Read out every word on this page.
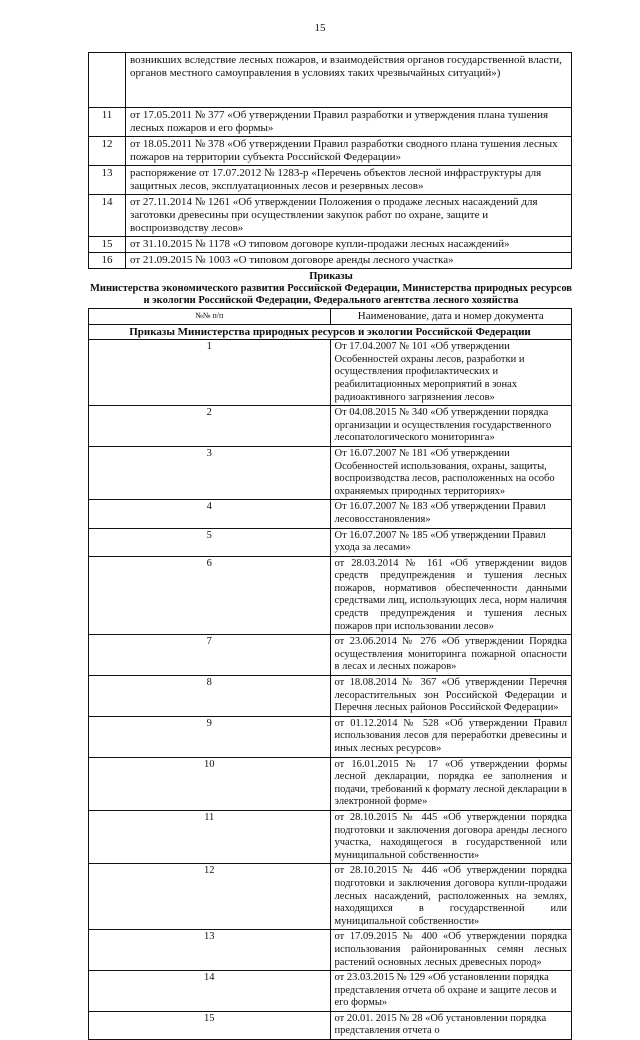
15
	возникших вследствие лесных пожаров, и взаимодействия органов государственной власти, органов местного самоуправления в условиях таких чрезвычайных ситуаций»)
11	от 17.05.2011 № 377 «Об утверждении Правил разработки и утверждения плана тушения лесных пожаров и его формы»
12	от 18.05.2011 № 378 «Об утверждении Правил разработки сводного плана тушения лесных пожаров на территории субъекта Российской Федерации»
13	распоряжение от 17.07.2012 № 1283-р «Перечень объектов лесной инфраструктуры для защитных лесов, эксплуатационных лесов и резервных лесов»
14	от 27.11.2014 № 1261 «Об утверждении Положения о продаже лесных насаждений для заготовки древесины при осуществлении закупок работ по охране, защите и воспроизводству лесов»
15	от 31.10.2015 № 1178 «О типовом договоре купли-продажи лесных насаждений»
16	от 21.09.2015 № 1003 «О типовом договоре аренды лесного участка»
Приказы
Министерства экономического развития Российской Федерации, Министерства природных ресурсов и экологии Российской Федерации, Федерального агентства лесного хозяйства
№№ п/п	Наименование, дата и номер документа
Приказы Министерства природных ресурсов и экологии Российской Федерации	
1	От 17.04.2007 № 101 «Об утверждении Особенностей охраны лесов, разработки и осуществления профилактических и реабилитационных мероприятий в зонах радиоактивного загрязнения лесов»
2	От 04.08.2015 № 340 «Об утверждении порядка организации и осуществления государственного лесопатологического мониторинга»
3	От 16.07.2007 № 181 «Об утверждении Особенностей использования, охраны, защиты, воспроизводства лесов, расположенных на особо охраняемых природных территориях»
4	От 16.07.2007 № 183 «Об утверждении Правил лесовосстановления»
5	От 16.07.2007 № 185 «Об утверждении Правил ухода за лесами»
6	от 28.03.2014 № 161 «Об утверждении видов средств предупреждения и тушения лесных пожаров, нормативов обеспеченности данными средствами лиц, использующих леса, норм наличия средств предупреждения и тушения лесных пожаров при использовании лесов»
7	от 23.06.2014 № 276 «Об утверждении Порядка осуществления мониторинга пожарной опасности в лесах и лесных пожаров»
8	от 18.08.2014 № 367 «Об утверждении Перечня лесорастительных зон Российской Федерации и Перечня лесных районов Российской Федерации»
9	от 01.12.2014 № 528 «Об утверждении Правил использования лесов для переработки древесины и иных лесных ресурсов»
10	от 16.01.2015 № 17 «Об утверждении формы лесной декларации, порядка ее заполнения и подачи, требований к формату лесной декларации в электронной форме»
11	от 28.10.2015 № 445 «Об утверждении порядка подготовки и заключения договора аренды лесного участка, находящегося в государственной или муниципальной собственности»
12	от 28.10.2015 № 446 «Об утверждении порядка подготовки и заключения договора купли-продажи лесных насаждений, расположенных на землях, находящихся в государственной или муниципальной собственности»
13	от 17.09.2015 № 400 «Об утверждении порядка использования районированных семян лесных растений основных лесных древесных пород»
14	от 23.03.2015 № 129 «Об установлении порядка представления отчета об охране и защите лесов и его формы»
15	от 20.01. 2015 № 28 «Об установлении порядка представления отчета о
